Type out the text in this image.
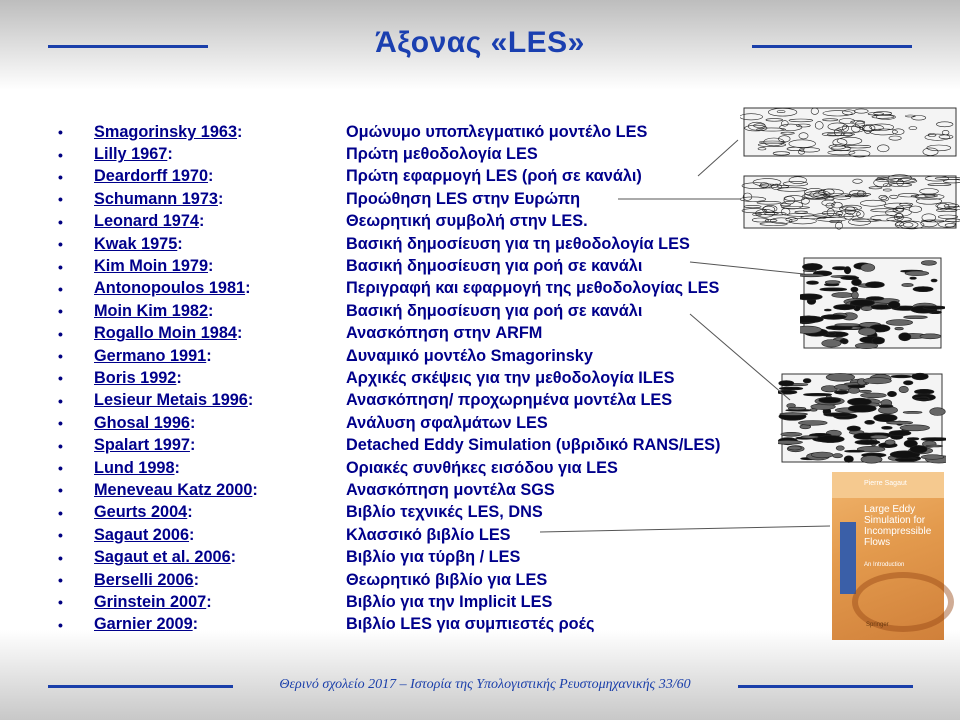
Άξονας «LES»
•	Smagorinsky 1963:	Ομώνυμο υποπλεγματικό μοντέλο LES
•	Lilly 1967:	Πρώτη μεθοδολογία LES
•	Deardorff 1970:	Πρώτη εφαρμογή LES (ροή σε κανάλι)
•	Schumann 1973:	Προώθηση LES στην Ευρώπη
•	Leonard 1974:	Θεωρητική συμβολή στην LES.
•	Kwak 1975:	Βασική δημοσίευση για τη μεθοδολογία LES
•	Kim Moin 1979:	Βασική δημοσίευση για ροή σε κανάλι
•	Antonopoulos 1981:	Περιγραφή και εφαρμογή της μεθοδολογίας LES
•	Moin Kim 1982:	Βασική δημοσίευση για ροή σε κανάλι
•	Rogallo Moin 1984:	Ανασκόπηση στην ARFM
•	Germano 1991:	Δυναμικό μοντέλο Smagorinsky
•	Boris 1992:	Αρχικές σκέψεις για την μεθοδολογία ILES
•	Lesieur Metais 1996:	Ανασκόπηση/ προχωρημένα μοντέλα LES
•	Ghosal 1996:	Ανάλυση σφαλμάτων LES
•	Spalart 1997:	Detached Eddy Simulation (υβριδικό RANS/LES)
•	Lund 1998:	Οριακές συνθήκες εισόδου για LES
•	Meneveau Katz 2000:	Ανασκόπηση μοντέλα SGS
•	Geurts 2004:	Βιβλίο τεχνικές LES, DNS
•	Sagaut 2006:	Κλασσικό βιβλίο LES
•	Sagaut et al. 2006:	Βιβλίο για τύρβη / LES
•	Berselli 2006:	Θεωρητικό βιβλίο για LES
•	Grinstein 2007:	Βιβλίο για την Implicit LES
•	Garnier 2009:	Βιβλίο LES για συμπιεστές ροές
Pierre Sagaut
Large Eddy Simulation for Incompressible Flows
An Introduction
Springer
Θερινό σχολείο 2017 – Ιστορία της Υπολογιστικής Ρευστομηχανικής 33/60
